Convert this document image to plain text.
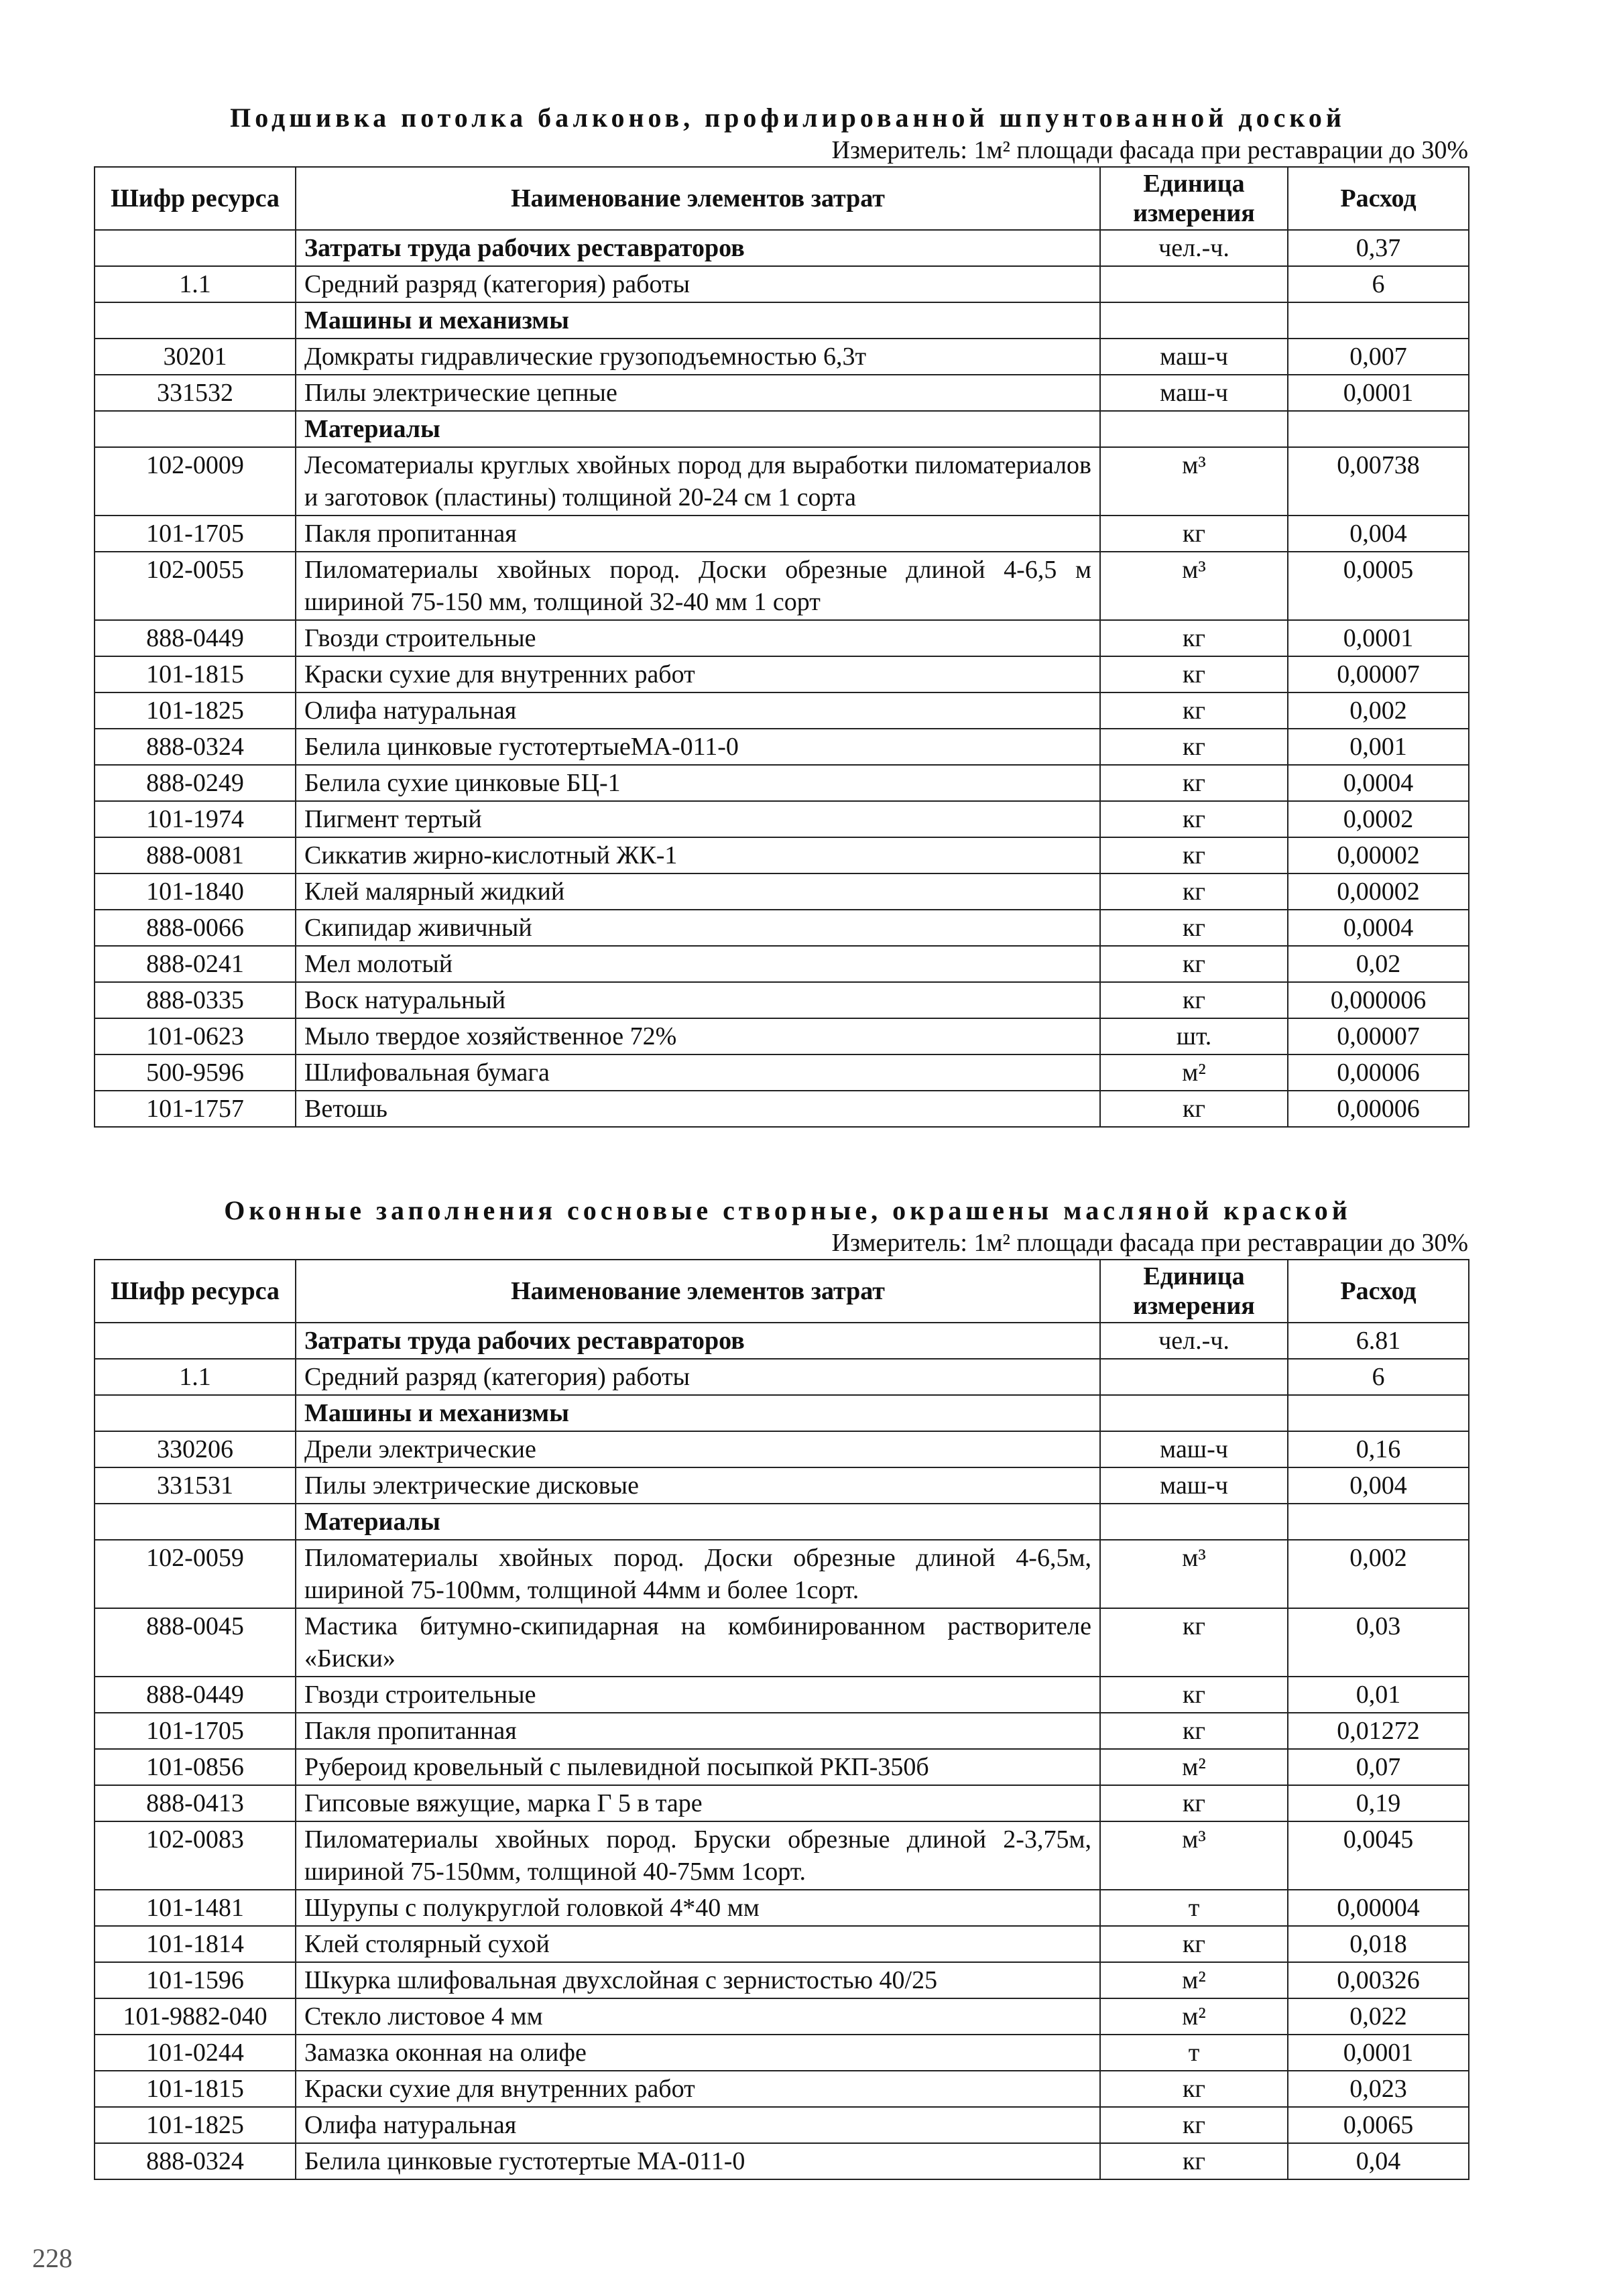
Подшивка потолка балконов, профилированной шпунтованной доской
Измеритель: 1м² площади фасада при реставрации до 30%
Шифр ресурса	Наименование элементов затрат	Единица измерения	Расход
	Затраты труда рабочих реставраторов	чел.-ч.	0,37
1.1	Средний разряд (категория) работы		6
	Машины и механизмы		
30201	Домкраты гидравлические грузоподъемностью 6,3т	маш-ч	0,007
331532	Пилы электрические цепные	маш-ч	0,0001
	Материалы		
102-0009	Лесоматериалы круглых хвойных пород для выработки пиломатериалов и заготовок (пластины) толщиной 20-24 см 1 сорта	м³	0,00738
101-1705	Пакля пропитанная	кг	0,004
102-0055	Пиломатериалы хвойных пород. Доски обрезные длиной 4-6,5 м шириной 75-150 мм, толщиной 32-40 мм 1 сорт	м³	0,0005
888-0449	Гвозди строительные	кг	0,0001
101-1815	Краски сухие для внутренних работ	кг	0,00007
101-1825	Олифа натуральная	кг	0,002
888-0324	Белила цинковые густотертыеМА-011-0	кг	0,001
888-0249	Белила сухие цинковые БЦ-1	кг	0,0004
101-1974	Пигмент тертый	кг	0,0002
888-0081	Сиккатив жирно-кислотный ЖК-1	кг	0,00002
101-1840	Клей малярный жидкий	кг	0,00002
888-0066	Скипидар живичный	кг	0,0004
888-0241	Мел молотый	кг	0,02
888-0335	Воск натуральный	кг	0,000006
101-0623	Мыло твердое хозяйственное 72%	шт.	0,00007
500-9596	Шлифовальная бумага	м²	0,00006
101-1757	Ветошь	кг	0,00006
Оконные заполнения сосновые створные, окрашены масляной краской
Измеритель: 1м² площади фасада при реставрации до 30%
Шифр ресурса	Наименование элементов затрат	Единица измерения	Расход
	Затраты труда рабочих реставраторов	чел.-ч.	6.81
1.1	Средний разряд (категория) работы		6
	Машины и механизмы		
330206	Дрели электрические	маш-ч	0,16
331531	Пилы электрические дисковые	маш-ч	0,004
	Материалы		
102-0059	Пиломатериалы хвойных пород. Доски обрезные длиной 4-6,5м, шириной 75-100мм, толщиной 44мм и более 1сорт.	м³	0,002
888-0045	Мастика битумно-скипидарная на комбинированном растворителе «Биски»	кг	0,03
888-0449	Гвозди строительные	кг	0,01
101-1705	Пакля пропитанная	кг	0,01272
101-0856	Рубероид кровельный с пылевидной посыпкой РКП-350б	м²	0,07
888-0413	Гипсовые вяжущие, марка Г 5 в таре	кг	0,19
102-0083	Пиломатериалы хвойных пород. Бруски обрезные длиной 2-3,75м, шириной 75-150мм, толщиной 40-75мм 1сорт.	м³	0,0045
101-1481	Шурупы с полукруглой головкой 4*40 мм	т	0,00004
101-1814	Клей столярный сухой	кг	0,018
101-1596	Шкурка шлифовальная двухслойная с зернистостью 40/25	м²	0,00326
101-9882-040	Стекло листовое 4 мм	м²	0,022
101-0244	Замазка оконная на олифе	т	0,0001
101-1815	Краски сухие для внутренних работ	кг	0,023
101-1825	Олифа натуральная	кг	0,0065
888-0324	Белила цинковые густотертые МА-011-0	кг	0,04
228
